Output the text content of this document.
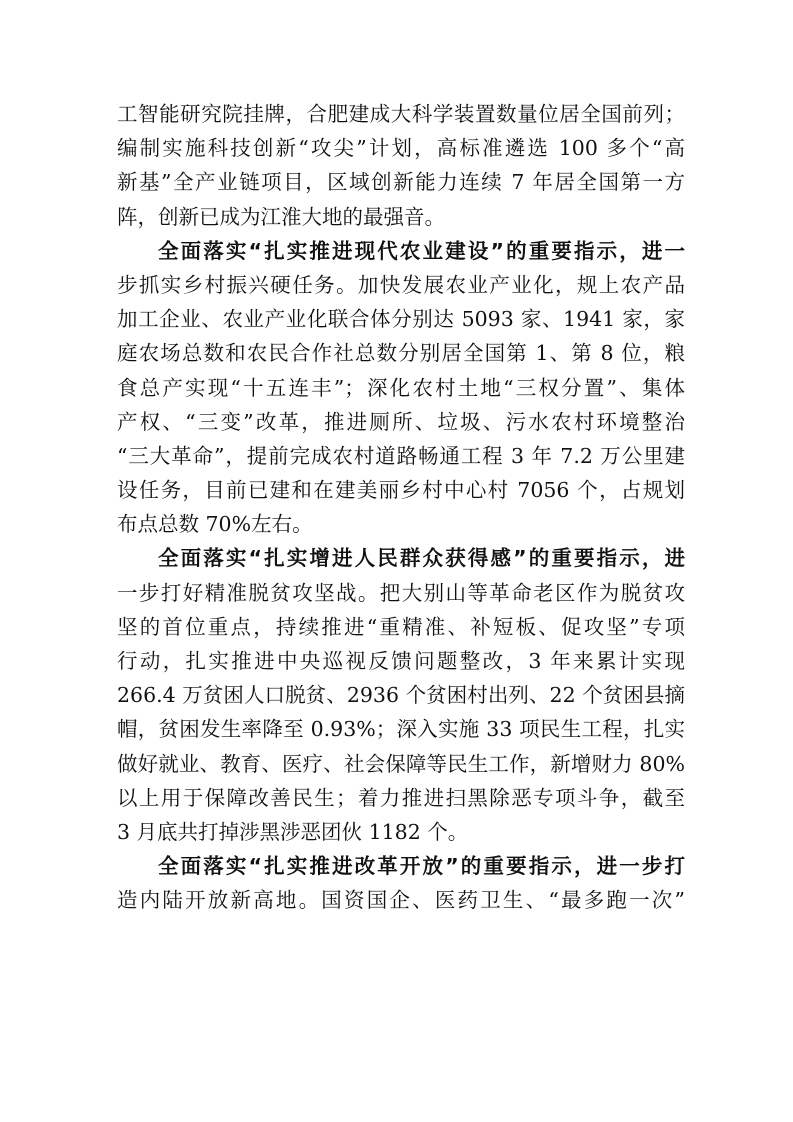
工智能研究院挂牌，合肥建成大科学装置数量位居全国前列；
编制实施科技创新“攻尖”计划，高标准遴选 100 多个“高
新基”全产业链项目，区域创新能力连续 7 年居全国第一方
阵，创新已成为江淮大地的最强音。
全面落实“扎实推进现代农业建设”的重要指示，进一
步抓实乡村振兴硬任务。加快发展农业产业化，规上农产品
加工企业、农业产业化联合体分别达 5093 家、1941 家，家
庭农场总数和农民合作社总数分别居全国第 1、第 8 位，粮
食总产实现“十五连丰”；深化农村土地“三权分置”、集体
产权、“三变”改革，推进厕所、垃圾、污水农村环境整治
“三大革命”，提前完成农村道路畅通工程 3 年 7.2 万公里建
设任务，目前已建和在建美丽乡村中心村 7056 个，占规划
布点总数 70%左右。
全面落实“扎实增进人民群众获得感”的重要指示，进
一步打好精准脱贫攻坚战。把大别山等革命老区作为脱贫攻
坚的首位重点，持续推进“重精准、补短板、促攻坚”专项
行动，扎实推进中央巡视反馈问题整改，3 年来累计实现
266.4 万贫困人口脱贫、2936 个贫困村出列、22 个贫困县摘
帽，贫困发生率降至 0.93%；深入实施 33 项民生工程，扎实
做好就业、教育、医疗、社会保障等民生工作，新增财力 80%
以上用于保障改善民生；着力推进扫黑除恶专项斗争，截至
3 月底共打掉涉黑涉恶团伙 1182 个。
全面落实“扎实推进改革开放”的重要指示，进一步打
造内陆开放新高地。国资国企、医药卫生、“最多跑一次”
